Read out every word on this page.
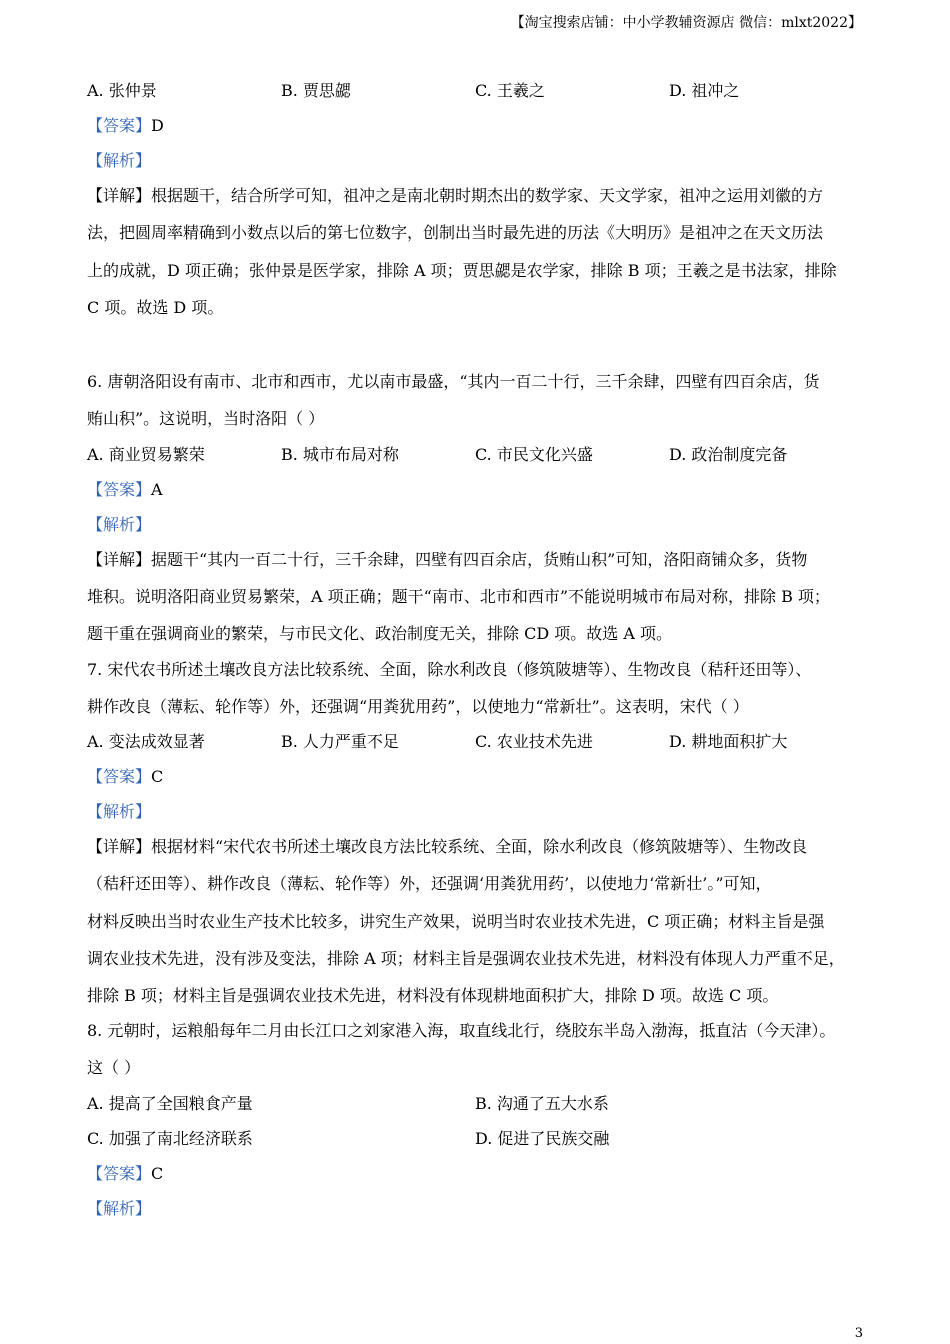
【淘宝搜索店铺：中小学教辅资源店 微信：mlxt2022】
A. 张仲景	B. 贾思勰	C. 王羲之	D. 祖冲之
【答案】D
【解析】
【详解】根据题干，结合所学可知，祖冲之是南北朝时期杰出的数学家、天文学家，祖冲之运用刘徽的方
法，把圆周率精确到小数点以后的第七位数字，创制出当时最先进的历法《大明历》是祖冲之在天文历法
上的成就，D 项正确；张仲景是医学家，排除 A 项；贾思勰是农学家，排除 B 项；王羲之是书法家，排除
C 项。故选 D 项。
6. 唐朝洛阳设有南市、北市和西市，尤以南市最盛，“其内一百二十行，三千余肆，四壁有四百余店，货
贿山积”。这说明，当时洛阳（ ）
A. 商业贸易繁荣	B. 城市布局对称	C. 市民文化兴盛	D. 政治制度完备
【答案】A
【解析】
【详解】据题干“其内一百二十行，三千余肆，四壁有四百余店，货贿山积”可知，洛阳商铺众多，货物
堆积。说明洛阳商业贸易繁荣，A 项正确；题干“南市、北市和西市”不能说明城市布局对称，排除 B 项；
题干重在强调商业的繁荣，与市民文化、政治制度无关，排除 CD 项。故选 A 项。
7. 宋代农书所述土壤改良方法比较系统、全面，除水利改良（修筑陂塘等）、生物改良（秸秆还田等）、
耕作改良（薄耘、轮作等）外，还强调“用粪犹用药”，以使地力“常新壮”。这表明，宋代（ ）
A. 变法成效显著	B. 人力严重不足	C. 农业技术先进	D. 耕地面积扩大
【答案】C
【解析】
【详解】根据材料“宋代农书所述土壤改良方法比较系统、全面，除水利改良（修筑陂塘等）、生物改良
（秸秆还田等）、耕作改良（薄耘、轮作等）外，还强调‘用粪犹用药’，以使地力‘常新壮’。”可知，
材料反映出当时农业生产技术比较多，讲究生产效果，说明当时农业技术先进，C 项正确；材料主旨是强
调农业技术先进，没有涉及变法，排除 A 项；材料主旨是强调农业技术先进，材料没有体现人力严重不足，
排除 B 项；材料主旨是强调农业技术先进，材料没有体现耕地面积扩大，排除 D 项。故选 C 项。
8. 元朝时，运粮船每年二月由长江口之刘家港入海，取直线北行，绕胶东半岛入渤海，抵直沽（今天津）。
这（ ）
A. 提高了全国粮食产量	B. 沟通了五大水系
C. 加强了南北经济联系	D. 促进了民族交融
【答案】C
【解析】
3
